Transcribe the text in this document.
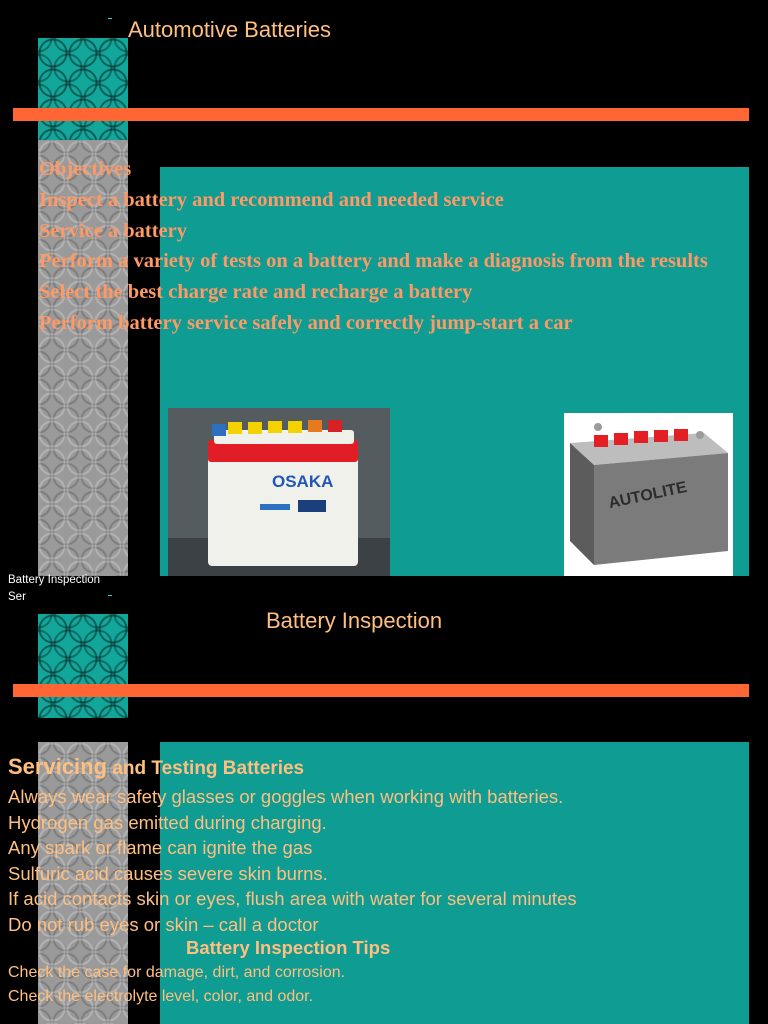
Automotive Batteries
Objectives
Inspect a battery and recommend and needed service
Service a battery
Perform a variety of tests on a battery and make a diagnosis from the results
Select the best charge rate and recharge a battery
Perform battery service safely and correctly jump-start a car
OSAKA	AUTOLITE
Battery Inspection
Ser
Battery Inspection
Servicing and Testing Batteries
Always wear safety glasses or goggles when working with batteries.
Hydrogen gas emitted during charging.
Any spark or flame can ignite the gas
Sulfuric acid causes severe skin burns.
If acid contacts skin or eyes, flush area with water for several minutes
Do not rub eyes or skin – call a doctor
Battery Inspection Tips
Check the case for damage, dirt, and corrosion.
Check the electrolyte level, color, and odor.
